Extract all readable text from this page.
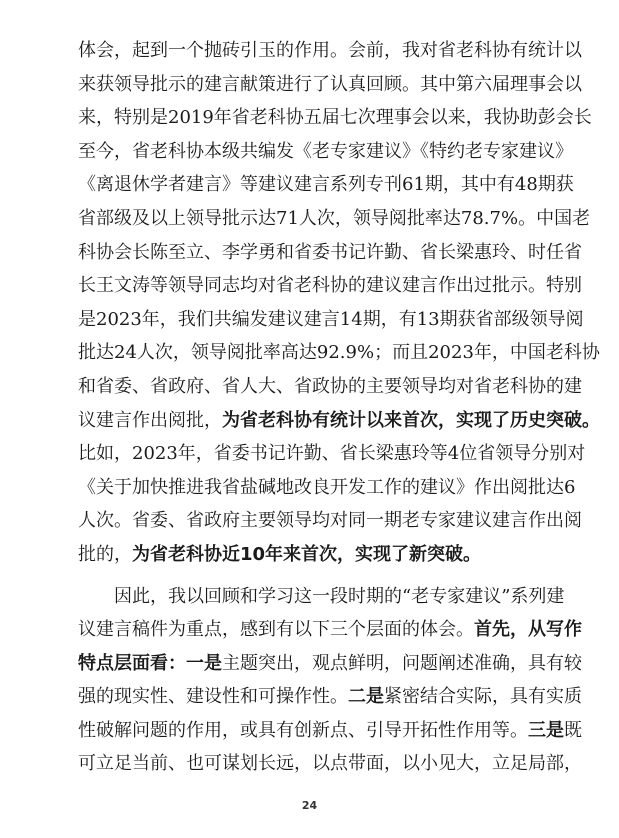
体会，起到一个抛砖引玉的作用。会前，我对省老科协有统计以
来获领导批示的建言献策进行了认真回顾。其中第六届理事会以
来，特别是2019年省老科协五届七次理事会以来，我协助彭会长
至今，省老科协本级共编发《老专家建议》《特约老专家建议》
《离退休学者建言》等建议建言系列专刊61期，其中有48期获
省部级及以上领导批示达71人次，领导阅批率达78.7%。中国老
科协会长陈至立、李学勇和省委书记许勤、省长梁惠玲、时任省
长王文涛等领导同志均对省老科协的建议建言作出过批示。特别
是2023年，我们共编发建议建言14期，有13期获省部级领导阅
批达24人次，领导阅批率高达92.9%；而且2023年，中国老科协
和省委、省政府、省人大、省政协的主要领导均对省老科协的建
议建言作出阅批，为省老科协有统计以来首次，实现了历史突破。
比如，2023年，省委书记许勤、省长梁惠玲等4位省领导分别对
《关于加快推进我省盐碱地改良开发工作的建议》作出阅批达6
人次。省委、省政府主要领导均对同一期老专家建议建言作出阅
批的，为省老科协近10年来首次，实现了新突破。
因此，我以回顾和学习这一段时期的“老专家建议”系列建
议建言稿件为重点，感到有以下三个层面的体会。首先，从写作
特点层面看：一是主题突出，观点鲜明，问题阐述准确，具有较
强的现实性、建设性和可操作性。二是紧密结合实际，具有实质
性破解问题的作用，或具有创新点、引导开拓性作用等。三是既
可立足当前、也可谋划长远，以点带面，以小见大，立足局部，
24
